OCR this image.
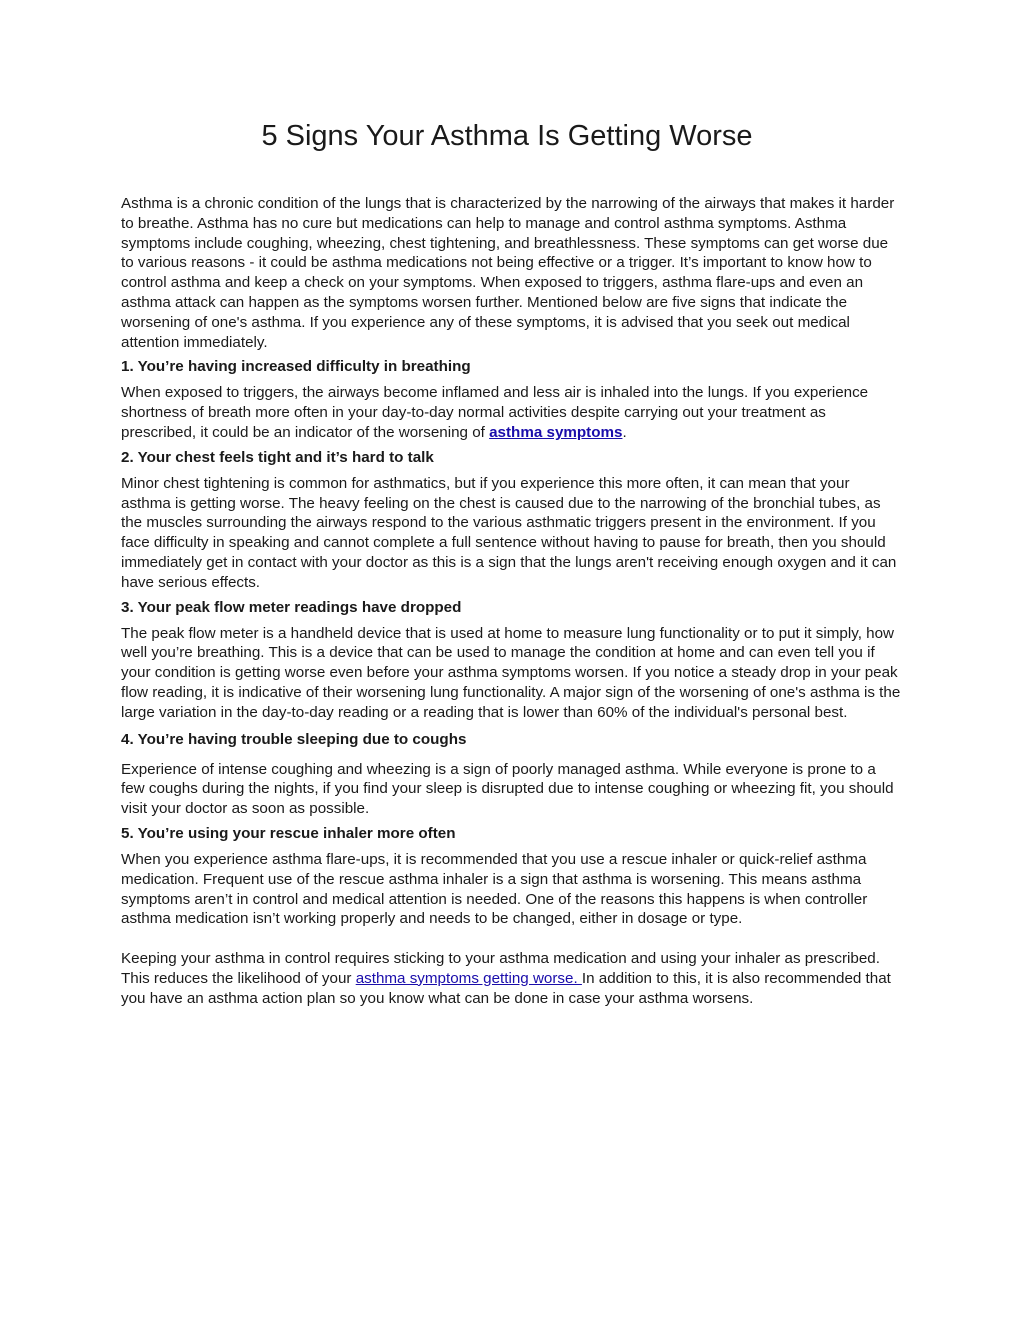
5 Signs Your Asthma Is Getting Worse

Asthma is a chronic condition of the lungs that is characterized by the narrowing of the airways that makes it harder to breathe. Asthma has no cure but medications can help to manage and control asthma symptoms. Asthma symptoms include coughing, wheezing, chest tightening, and breathlessness. These symptoms can get worse due to various reasons - it could be asthma medications not being effective or a trigger. It’s important to know how to control asthma and keep a check on your symptoms. When exposed to triggers, asthma flare-ups and even an asthma attack can happen as the symptoms worsen further. Mentioned below are five signs that indicate the worsening of one's asthma. If you experience any of these symptoms, it is advised that you seek out medical attention immediately.

1. You’re having increased difficulty in breathing

When exposed to triggers, the airways become inflamed and less air is inhaled into the lungs. If you experience shortness of breath more often in your day-to-day normal activities despite carrying out your treatment as prescribed, it could be an indicator of the worsening of asthma symptoms.

2. Your chest feels tight and it’s hard to talk

Minor chest tightening is common for asthmatics, but if you experience this more often, it can mean that your asthma is getting worse. The heavy feeling on the chest is caused due to the narrowing of the bronchial tubes, as the muscles surrounding the airways respond to the various asthmatic triggers present in the environment. If you face difficulty in speaking and cannot complete a full sentence without having to pause for breath, then you should immediately get in contact with your doctor as this is a sign that the lungs aren't receiving enough oxygen and it can have serious effects.

3. Your peak flow meter readings have dropped

The peak flow meter is a handheld device that is used at home to measure lung functionality or to put it simply, how well you’re breathing. This is a device that can be used to manage the condition at home and can even tell you if your condition is getting worse even before your asthma symptoms worsen. If you notice a steady drop in your peak flow reading, it is indicative of their worsening lung functionality. A major sign of the worsening of one's asthma is the large variation in the day-to-day reading or a reading that is lower than 60% of the individual's personal best.

4. You’re having trouble sleeping due to coughs

Experience of intense coughing and wheezing is a sign of poorly managed asthma. While everyone is prone to a few coughs during the nights, if you find your sleep is disrupted due to intense coughing or wheezing fit, you should visit your doctor as soon as possible.

5. You’re using your rescue inhaler more often

When you experience asthma flare-ups, it is recommended that you use a rescue inhaler or quick-relief asthma medication. Frequent use of the rescue asthma inhaler is a sign that asthma is worsening. This means asthma symptoms aren’t in control and medical attention is needed. One of the reasons this happens is when controller asthma medication isn’t working properly and needs to be changed, either in dosage or type.

Keeping your asthma in control requires sticking to your asthma medication and using your inhaler as prescribed. This reduces the likelihood of your asthma symptoms getting worse. In addition to this, it is also recommended that you have an asthma action plan so you know what can be done in case your asthma worsens.
